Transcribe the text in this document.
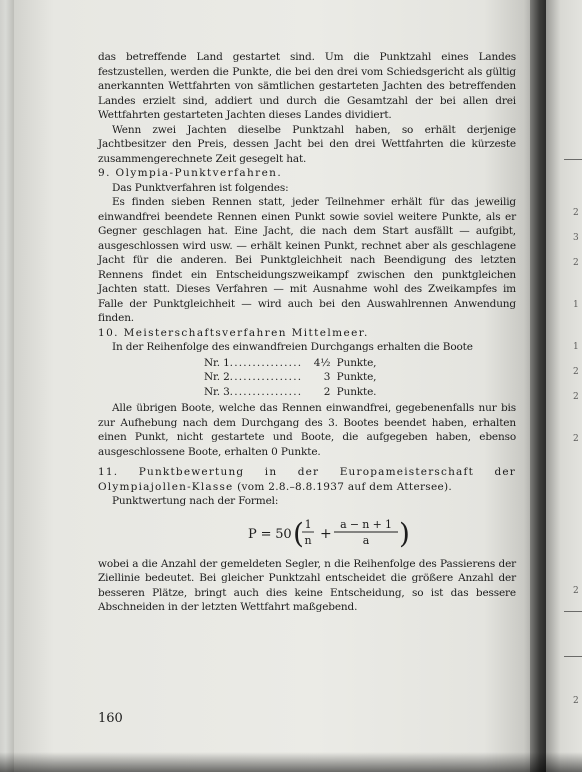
2
3
2
1
1
2
2
2
2
2

das betreffende Land gestartet sind. Um die Punktzahl eines Landes festzustellen, werden die Punkte, die bei den drei vom Schiedsgericht als gültig anerkannten Wettfahrten von sämtlichen gestarteten Jachten des betreffenden Landes erzielt sind, addiert und durch die Gesamtzahl der bei allen drei Wettfahrten gestarteten Jachten dieses Landes dividiert.

Wenn zwei Jachten dieselbe Punktzahl haben, so erhält derjenige Jachtbesitzer den Preis, dessen Jacht bei den drei Wettfahrten die kürzeste zusammengerechnete Zeit gesegelt hat.

9. Olympia-Punktverfahren.

Das Punktverfahren ist folgendes:

Es finden sieben Rennen statt, jeder Teilnehmer erhält für das jeweilig einwandfrei beendete Rennen einen Punkt sowie soviel weitere Punkte, als er Gegner geschlagen hat. Eine Jacht, die nach dem Start ausfällt — aufgibt, ausgeschlossen wird usw. — erhält keinen Punkt, rechnet aber als geschlagene Jacht für die anderen. Bei Punktgleichheit nach Beendigung des letzten Rennens findet ein Entscheidungszweikampf zwischen den punktgleichen Jachten statt. Dieses Verfahren — mit Ausnahme wohl des Zweikampfes im Falle der Punktgleichheit — wird auch bei den Auswahlrennen Anwendung finden.

10. Meisterschaftsverfahren Mittelmeer.

In der Reihenfolge des einwandfreien Durchgangs erhalten die Boote

Nr. 1	................	4½ Punkte,
Nr. 2	................	3 Punkte,
Nr. 3	................	2 Punkte.

Alle übrigen Boote, welche das Rennen einwandfrei, gegebenenfalls nur bis zur Aufhebung nach dem Durchgang des 3. Bootes beendet haben, erhalten einen Punkt, nicht gestartete und Boote, die aufgegeben haben, ebenso ausgeschlossene Boote, erhalten 0 Punkte.

11. Punktbewertung in der Europameisterschaft der Olympiajollen-Klasse (vom 2.8.–8.8.1937 auf dem Attersee).

Punktwertung nach der Formel:

P = 50 ( 1
n +
a − n + 1
a )

wobei a die Anzahl der gemeldeten Segler, n die Reihenfolge des Passierens der Ziellinie bedeutet. Bei gleicher Punktzahl entscheidet die größere Anzahl der besseren Plätze, bringt auch dies keine Entscheidung, so ist das bessere Abschneiden in der letzten Wettfahrt maßgebend.

160
